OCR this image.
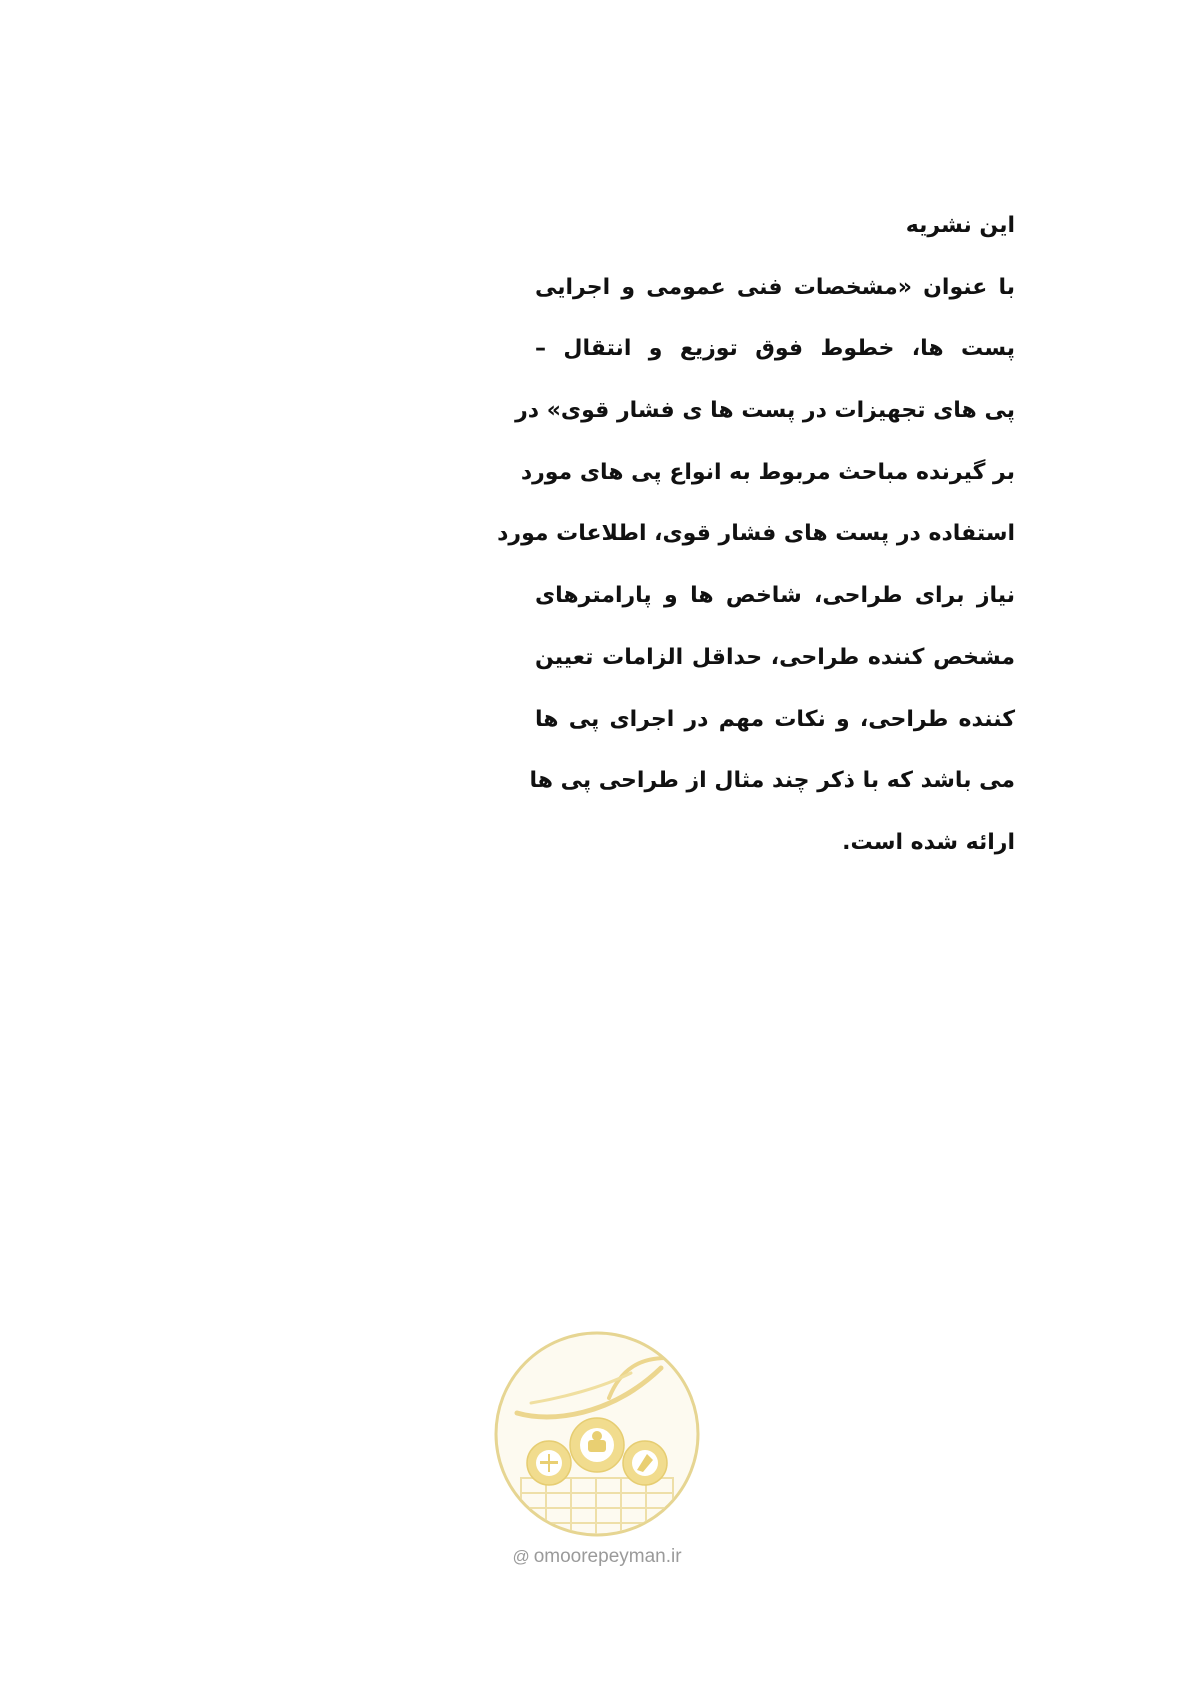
این نشریه
با عنوان «مشخصات فنی عمومی و اجرایی
پست ها، خطوط فوق توزیع و انتقال –
پی های تجهیزات در پست ها ی فشار قوی» در
بر گیرنده مباحث مربوط به انواع پی های مورد
استفاده در پست های فشار قوی، اطلاعات مورد
نیاز برای طراحی، شاخص ها و پارامترهای
مشخص کننده طراحی، حداقل الزامات تعیین
کننده طراحی، و نکات مهم در اجرای پی ها
می باشد که با ذکر چند مثال از طراحی پی ها
ارائه شده است.
@ omoorepeyman.ir
